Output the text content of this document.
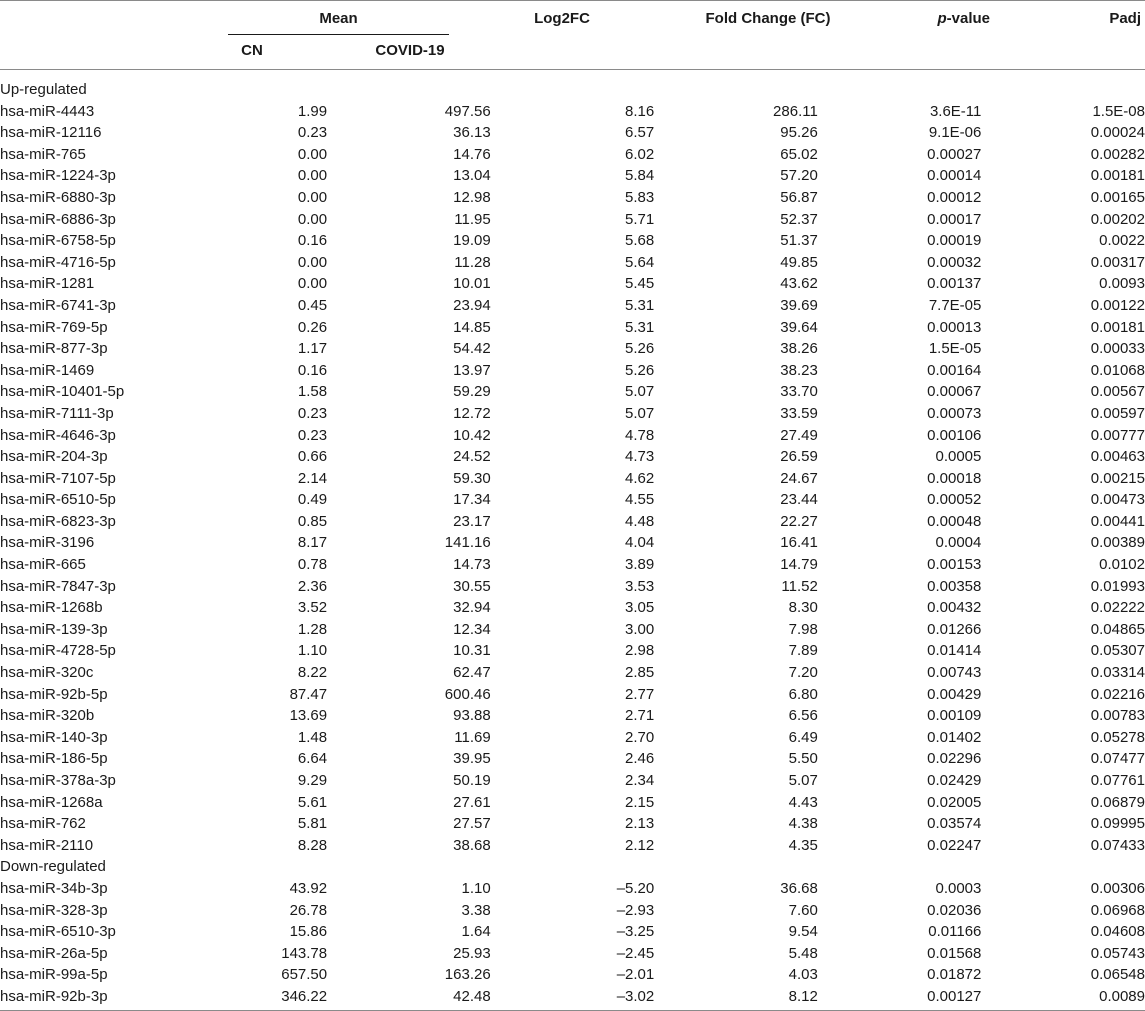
Mean
CN	COVID-19
Log2FC	Fold Change (FC)	p-value	Padj
Up-regulated						
hsa-miR-4443	1.99	497.56	8.16	286.11	3.6E-11	1.5E-08
hsa-miR-12116	0.23	36.13	6.57	95.26	9.1E-06	0.00024
hsa-miR-765	0.00	14.76	6.02	65.02	0.00027	0.00282
hsa-miR-1224-3p	0.00	13.04	5.84	57.20	0.00014	0.00181
hsa-miR-6880-3p	0.00	12.98	5.83	56.87	0.00012	0.00165
hsa-miR-6886-3p	0.00	11.95	5.71	52.37	0.00017	0.00202
hsa-miR-6758-5p	0.16	19.09	5.68	51.37	0.00019	0.0022
hsa-miR-4716-5p	0.00	11.28	5.64	49.85	0.00032	0.00317
hsa-miR-1281	0.00	10.01	5.45	43.62	0.00137	0.0093
hsa-miR-6741-3p	0.45	23.94	5.31	39.69	7.7E-05	0.00122
hsa-miR-769-5p	0.26	14.85	5.31	39.64	0.00013	0.00181
hsa-miR-877-3p	1.17	54.42	5.26	38.26	1.5E-05	0.00033
hsa-miR-1469	0.16	13.97	5.26	38.23	0.00164	0.01068
hsa-miR-10401-5p	1.58	59.29	5.07	33.70	0.00067	0.00567
hsa-miR-7111-3p	0.23	12.72	5.07	33.59	0.00073	0.00597
hsa-miR-4646-3p	0.23	10.42	4.78	27.49	0.00106	0.00777
hsa-miR-204-3p	0.66	24.52	4.73	26.59	0.0005	0.00463
hsa-miR-7107-5p	2.14	59.30	4.62	24.67	0.00018	0.00215
hsa-miR-6510-5p	0.49	17.34	4.55	23.44	0.00052	0.00473
hsa-miR-6823-3p	0.85	23.17	4.48	22.27	0.00048	0.00441
hsa-miR-3196	8.17	141.16	4.04	16.41	0.0004	0.00389
hsa-miR-665	0.78	14.73	3.89	14.79	0.00153	0.0102
hsa-miR-7847-3p	2.36	30.55	3.53	11.52	0.00358	0.01993
hsa-miR-1268b	3.52	32.94	3.05	8.30	0.00432	0.02222
hsa-miR-139-3p	1.28	12.34	3.00	7.98	0.01266	0.04865
hsa-miR-4728-5p	1.10	10.31	2.98	7.89	0.01414	0.05307
hsa-miR-320c	8.22	62.47	2.85	7.20	0.00743	0.03314
hsa-miR-92b-5p	87.47	600.46	2.77	6.80	0.00429	0.02216
hsa-miR-320b	13.69	93.88	2.71	6.56	0.00109	0.00783
hsa-miR-140-3p	1.48	11.69	2.70	6.49	0.01402	0.05278
hsa-miR-186-5p	6.64	39.95	2.46	5.50	0.02296	0.07477
hsa-miR-378a-3p	9.29	50.19	2.34	5.07	0.02429	0.07761
hsa-miR-1268a	5.61	27.61	2.15	4.43	0.02005	0.06879
hsa-miR-762	5.81	27.57	2.13	4.38	0.03574	0.09995
hsa-miR-2110	8.28	38.68	2.12	4.35	0.02247	0.07433
Down-regulated						
hsa-miR-34b-3p	43.92	1.10	–5.20	36.68	0.0003	0.00306
hsa-miR-328-3p	26.78	3.38	–2.93	7.60	0.02036	0.06968
hsa-miR-6510-3p	15.86	1.64	–3.25	9.54	0.01166	0.04608
hsa-miR-26a-5p	143.78	25.93	–2.45	5.48	0.01568	0.05743
hsa-miR-99a-5p	657.50	163.26	–2.01	4.03	0.01872	0.06548
hsa-miR-92b-3p	346.22	42.48	–3.02	8.12	0.00127	0.0089
